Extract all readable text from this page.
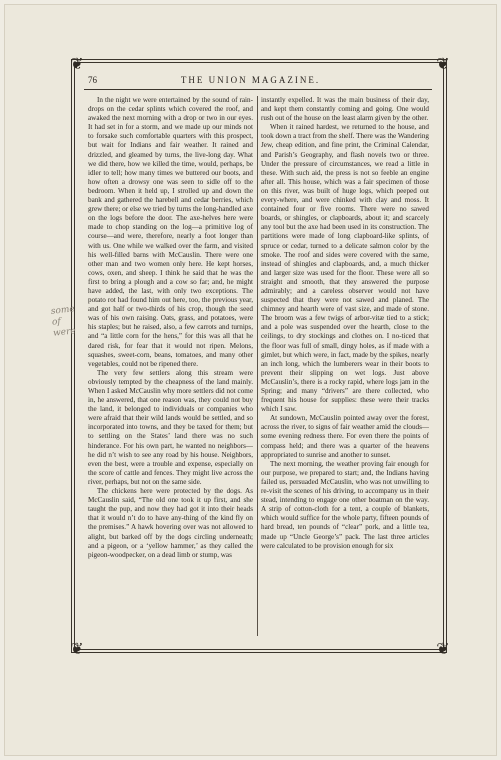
❦	❦
❦	❦
76	THE UNION MAGAZINE.
some of were

In the night we were entertained by the sound of rain-drops on the cedar splints which covered the roof, and awaked the next morning with a drop or two in our eyes. It had set in for a storm, and we made up our minds not to forsake such comfortable quarters with this prospect, but wait for Indians and fair weather. It rained and drizzled, and gleamed by turns, the live-long day. What we did there, how we killed the time, would, perhaps, be idler to tell; how many times we buttered our boots, and how often a drowsy one was seen to sidle off to the bedroom. When it held up, I strolled up and down the bank and gathered the harebell and cedar berries, which grew there; or else we tried by turns the long-handled axe on the logs before the door. The axe-helves here were made to chop standing on the log—a primitive log of course—and were, therefore, nearly a foot longer than with us. One while we walked over the farm, and visited his well-filled barns with McCauslin. There were one other man and two women only here. He kept horses, cows, oxen, and sheep. I think he said that he was the first to bring a plough and a cow so far; and, he might have added, the last, with only two exceptions. The potato rot had found him out here, too, the previous year, and got half or two-thirds of his crop, though the seed was of his own raising. Oats, grass, and potatoes, were his staples; but he raised, also, a few carrots and turnips, and “a little corn for the hens,” for this was all that he dared risk, for fear that it would not ripen. Melons, squashes, sweet-corn, beans, tomatoes, and many other vegetables, could not be ripened there.

The very few settlers along this stream were obviously tempted by the cheapness of the land mainly. When I asked McCauslin why more settlers did not come in, he answered, that one reason was, they could not buy the land, it belonged to individuals or companies who were afraid that their wild lands would be settled, and so incorporated into towns, and they be taxed for them; but to settling on the States’ land there was no such hinderance. For his own part, he wanted no neighbors—he did n’t wish to see any road by his house. Neighbors, even the best, were a trouble and expense, especially on the score of cattle and fences. They might live across the river, perhaps, but not on the same side.

The chickens here were protected by the dogs. As McCauslin said, “The old one took it up first, and she taught the pup, and now they had got it into their heads that it would n’t do to have any-thing of the kind fly on the premises.” A hawk hovering over was not allowed to alight, but barked off by the dogs circling underneath; and a pigeon, or a ‘yellow hammer,’ as they called the pigeon-woodpecker, on a dead limb or stump, was

instantly expelled. It was the main business of their day, and kept them constantly coming and going. One would rush out of the house on the least alarm given by the other.

When it rained hardest, we returned to the house, and took down a tract from the shelf. There was the Wandering Jew, cheap edition, and fine print, the Criminal Calendar, and Parish’s Geography, and flash novels two or three. Under the pressure of circumstances, we read a little in these. With such aid, the press is not so feeble an engine after all. This house, which was a fair specimen of those on this river, was built of huge logs, which peeped out every-where, and were chinked with clay and moss. It contained four or five rooms. There were no sawed boards, or shingles, or clapboards, about it; and scarcely any tool but the axe had been used in its construction. The partitions were made of long clapboard-like splints, of spruce or cedar, turned to a delicate salmon color by the smoke. The roof and sides were covered with the same, instead of shingles and clapboards, and, a much thicker and larger size was used for the floor. These were all so straight and smooth, that they answered the purpose admirably; and a careless observer would not have suspected that they were not sawed and planed. The chimney and hearth were of vast size, and made of stone. The broom was a few twigs of arbor-vitæ tied to a stick; and a pole was suspended over the hearth, close to the ceilings, to dry stockings and clothes on. I no-ticed that the floor was full of small, dingy holes, as if made with a gimlet, but which were, in fact, made by the spikes, nearly an inch long, which the lumberers wear in their boots to prevent their slipping on wet logs. Just above McCauslin’s, there is a rocky rapid, where logs jam in the Spring; and many “drivers” are there collected, who frequent his house for supplies: these were their tracks which I saw.

At sundown, McCauslin pointed away over the forest, across the river, to signs of fair weather amid the clouds—some evening redness there. For even there the points of compass held; and there was a quarter of the heavens appropriated to sunrise and another to sunset.

The next morning, the weather proving fair enough for our purpose, we prepared to start; and, the Indians having failed us, persuaded McCauslin, who was not unwilling to re-visit the scenes of his driving, to accompany us in their stead, intending to engage one other boatman on the way. A strip of cotton-cloth for a tent, a couple of blankets, which would suffice for the whole party, fifteen pounds of hard bread, ten pounds of “clear” pork, and a little tea, made up “Uncle George’s” pack. The last three articles were calculated to be provision enough for six
